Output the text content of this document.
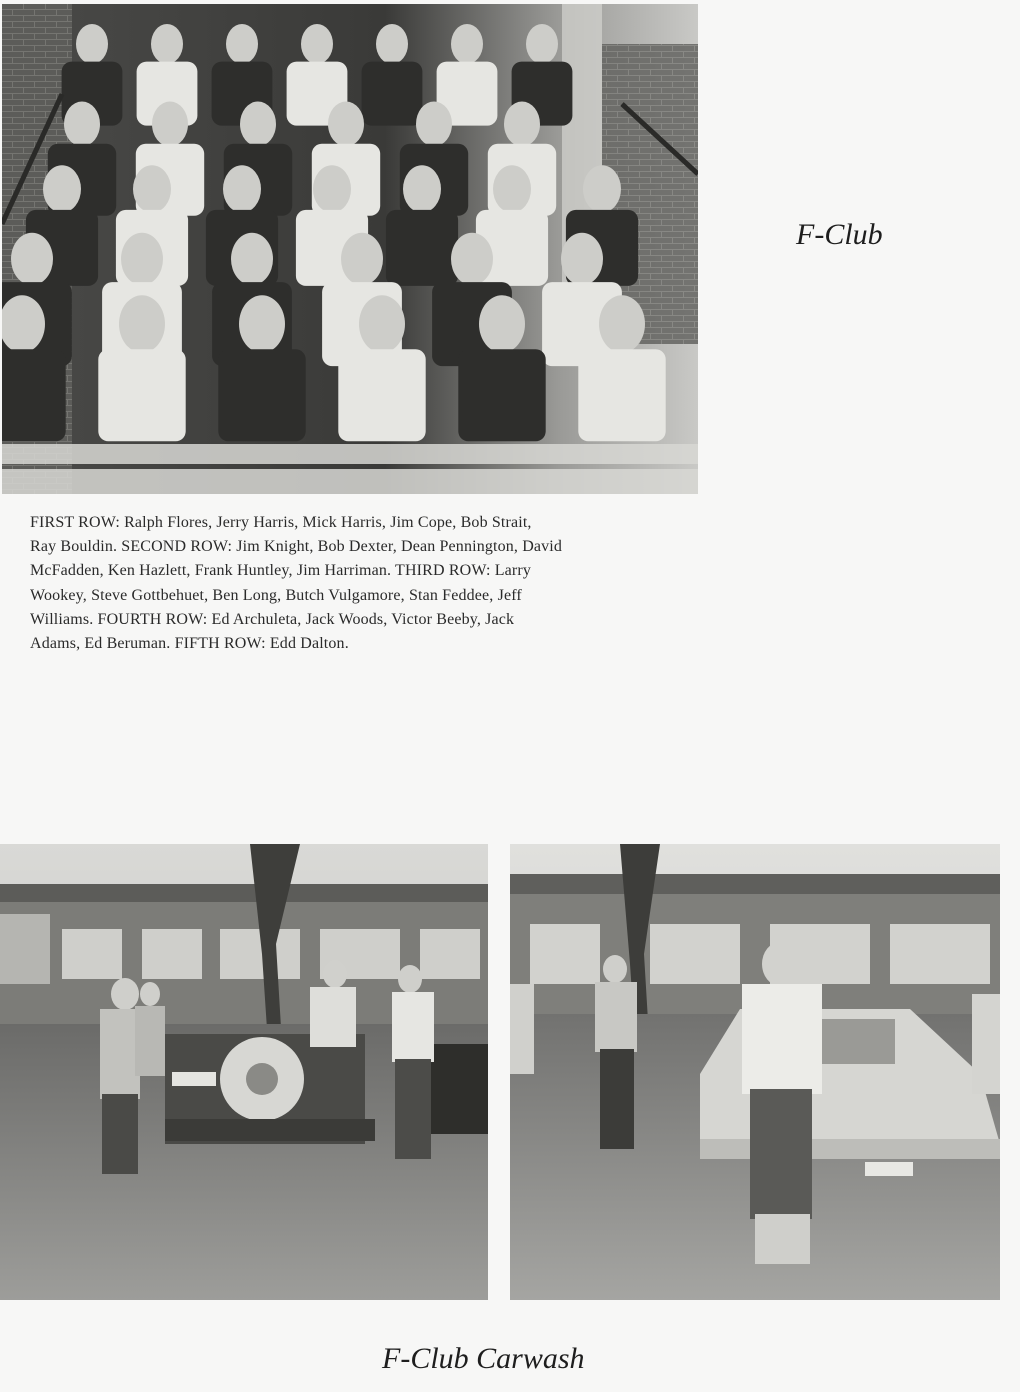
F-Club
FIRST ROW: Ralph Flores, Jerry Harris, Mick Harris, Jim Cope, Bob Strait,
Ray Bouldin. SECOND ROW: Jim Knight, Bob Dexter, Dean Pennington, David
McFadden, Ken Hazlett, Frank Huntley, Jim Harriman. THIRD ROW: Larry
Wookey, Steve Gottbehuet, Ben Long, Butch Vulgamore, Stan Feddee, Jeff
Williams. FOURTH ROW: Ed Archuleta, Jack Woods, Victor Beeby, Jack
Adams, Ed Beruman. FIFTH ROW: Edd Dalton.
F-Club Carwash
